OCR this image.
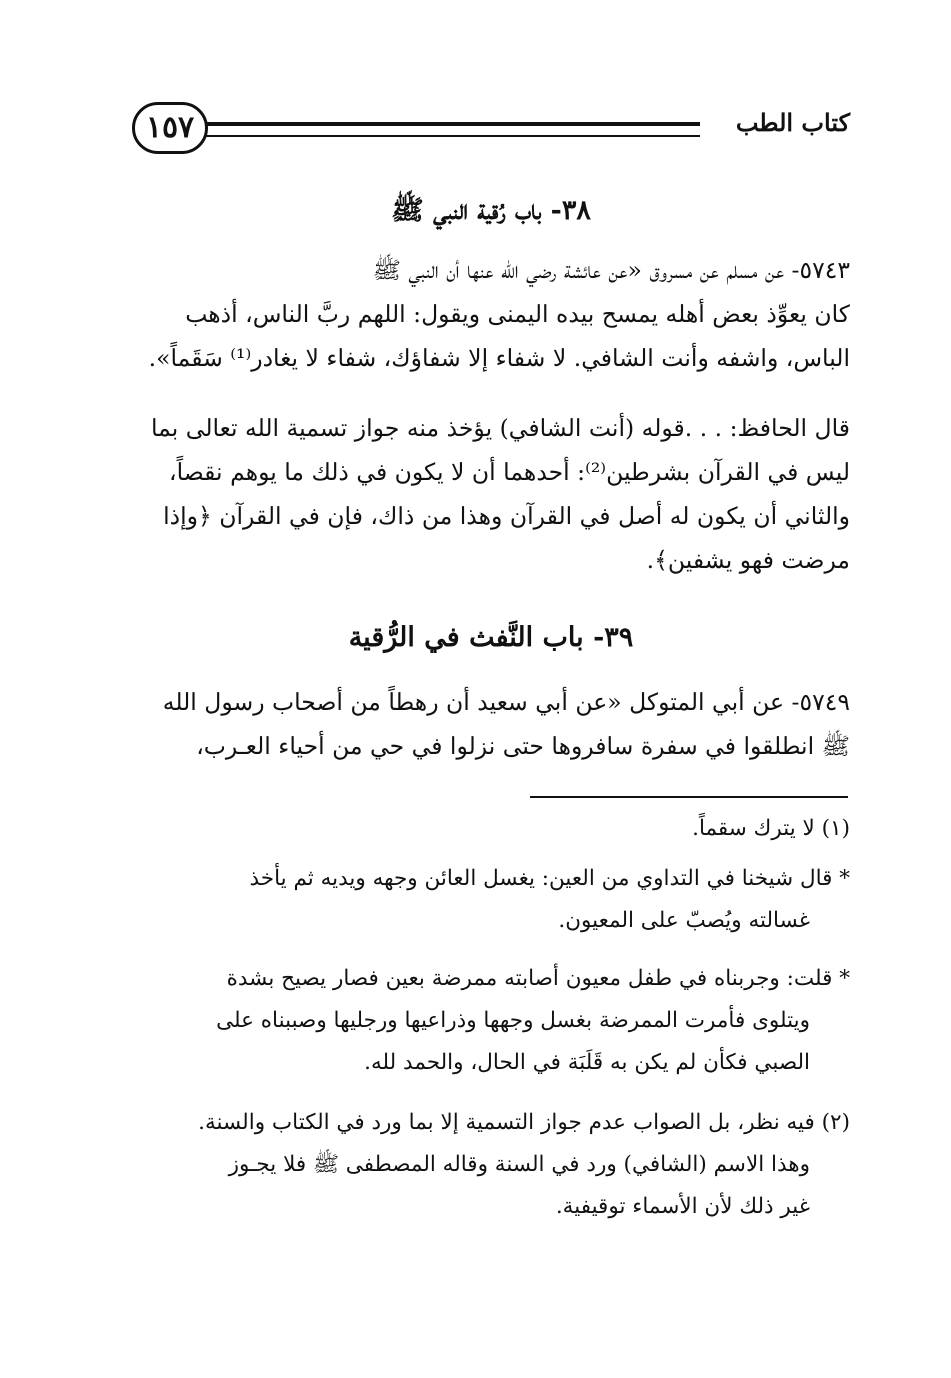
كتاب الطب
١٥٧
٣٨- باب رُقية النبي ﷺ
٥٧٤٣- عن مسلم عن مسروق «عن عائشة رضي الله عنها أن النبي ﷺ
كان يعوِّذ بعض أهله يمسح بيده اليمنى ويقول: اللهم ربَّ الناس، أذهب
الباس، واشفه وأنت الشافي. لا شفاء إلا شفاؤك، شفاء لا يغادر⁽¹⁾ سَقَماً».
قال الحافظ: . . .قوله (أنت الشافي) يؤخذ منه جواز تسمية الله تعالى بما
ليس في القرآن بشرطين⁽²⁾: أحدهما أن لا يكون في ذلك ما يوهم نقصاً،
والثاني أن يكون له أصل في القرآن وهذا من ذاك، فإن في القرآن ﴿وإذا
مرضت فهو يشفين﴾.
٣٩- باب النَّفث في الرُّقية
٥٧٤٩- عن أبي المتوكل «عن أبي سعيد أن رهطاً من أصحاب رسول الله
ﷺ انطلقوا في سفرة سافروها حتى نزلوا في حي من أحياء العـرب،
(١) لا يترك سقماً.
* قال شيخنا في التداوي من العين: يغسل العائن وجهه ويديه ثم يأخذ
غسالته ويُصبّ على المعيون.
* قلت: وجربناه في طفل معيون أصابته ممرضة بعين فصار يصيح بشدة
ويتلوى فأمرت الممرضة بغسل وجهها وذراعيها ورجليها وصببناه على
الصبي فكأن لم يكن به قَلَبَة في الحال، والحمد لله.
(٢) فيه نظر، بل الصواب عدم جواز التسمية إلا بما ورد في الكتاب والسنة.
وهذا الاسم (الشافي) ورد في السنة وقاله المصطفى ﷺ فلا يجـوز
غير ذلك لأن الأسماء توقيفية.
